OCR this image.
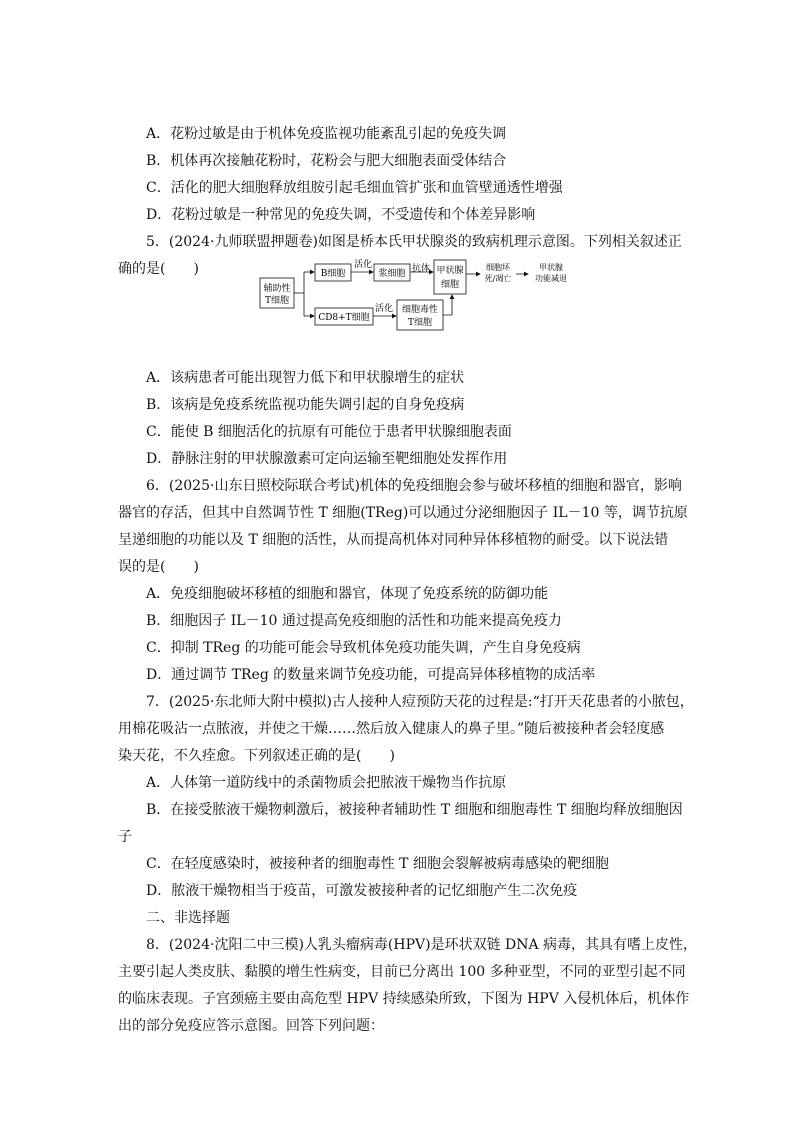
A．花粉过敏是由于机体免疫监视功能紊乱引起的免疫失调
B．机体再次接触花粉时，花粉会与肥大细胞表面受体结合
C．活化的肥大细胞释放组胺引起毛细血管扩张和血管壁通透性增强
D．花粉过敏是一种常见的免疫失调，不受遗传和个体差异影响
5．(2024·九师联盟押题卷)如图是桥本氏甲状腺炎的致病机理示意图。下列相关叙述正
确的是(　　)
A．该病患者可能出现智力低下和甲状腺增生的症状
B．该病是免疫系统监视功能失调引起的自身免疫病
C．能使 B 细胞活化的抗原有可能位于患者甲状腺细胞表面
D．静脉注射的甲状腺激素可定向运输至靶细胞处发挥作用
6．(2025·山东日照校际联合考试)机体的免疫细胞会参与破坏移植的细胞和器官，影响
器官的存活，但其中自然调节性 T 细胞(TReg)可以通过分泌细胞因子 IL－10 等，调节抗原
呈递细胞的功能以及 T 细胞的活性，从而提高机体对同种异体移植物的耐受。以下说法错
误的是(　　)
A．免疫细胞破坏移植的细胞和器官，体现了免疫系统的防御功能
B．细胞因子 IL－10 通过提高免疫细胞的活性和功能来提高免疫力
C．抑制 TReg 的功能可能会导致机体免疫功能失调，产生自身免疫病
D．通过调节 TReg 的数量来调节免疫功能，可提高异体移植物的成活率
7．(2025·东北师大附中模拟)古人接种人痘预防天花的过程是:“打开天花患者的小脓包，
用棉花吸沾一点脓液，并使之干燥……然后放入健康人的鼻子里。”随后被接种者会轻度感
染天花，不久痊愈。下列叙述正确的是(　　)
A．人体第一道防线中的杀菌物质会把脓液干燥物当作抗原
B．在接受脓液干燥物刺激后，被接种者辅助性 T 细胞和细胞毒性 T 细胞均释放细胞因
子
C．在轻度感染时，被接种者的细胞毒性 T 细胞会裂解被病毒感染的靶细胞
D．脓液干燥物相当于疫苗，可激发被接种者的记忆细胞产生二次免疫
二、非选择题
8．(2024·沈阳二中三模)人乳头瘤病毒(HPV)是环状双链 DNA 病毒，其具有嗜上皮性，
主要引起人类皮肤、黏膜的增生性病变，目前已分离出 100 多种亚型，不同的亚型引起不同
的临床表现。子宫颈癌主要由高危型 HPV 持续感染所致，下图为 HPV 入侵机体后，机体作
出的部分免疫应答示意图。回答下列问题：
辅助性
T细胞
B细胞
活化
浆细胞 抗体 甲状腺
细胞
细胞坏
死/凋亡
甲状腺
功能减退
CD8+T细胞
活化 细胞毒性
T细胞
